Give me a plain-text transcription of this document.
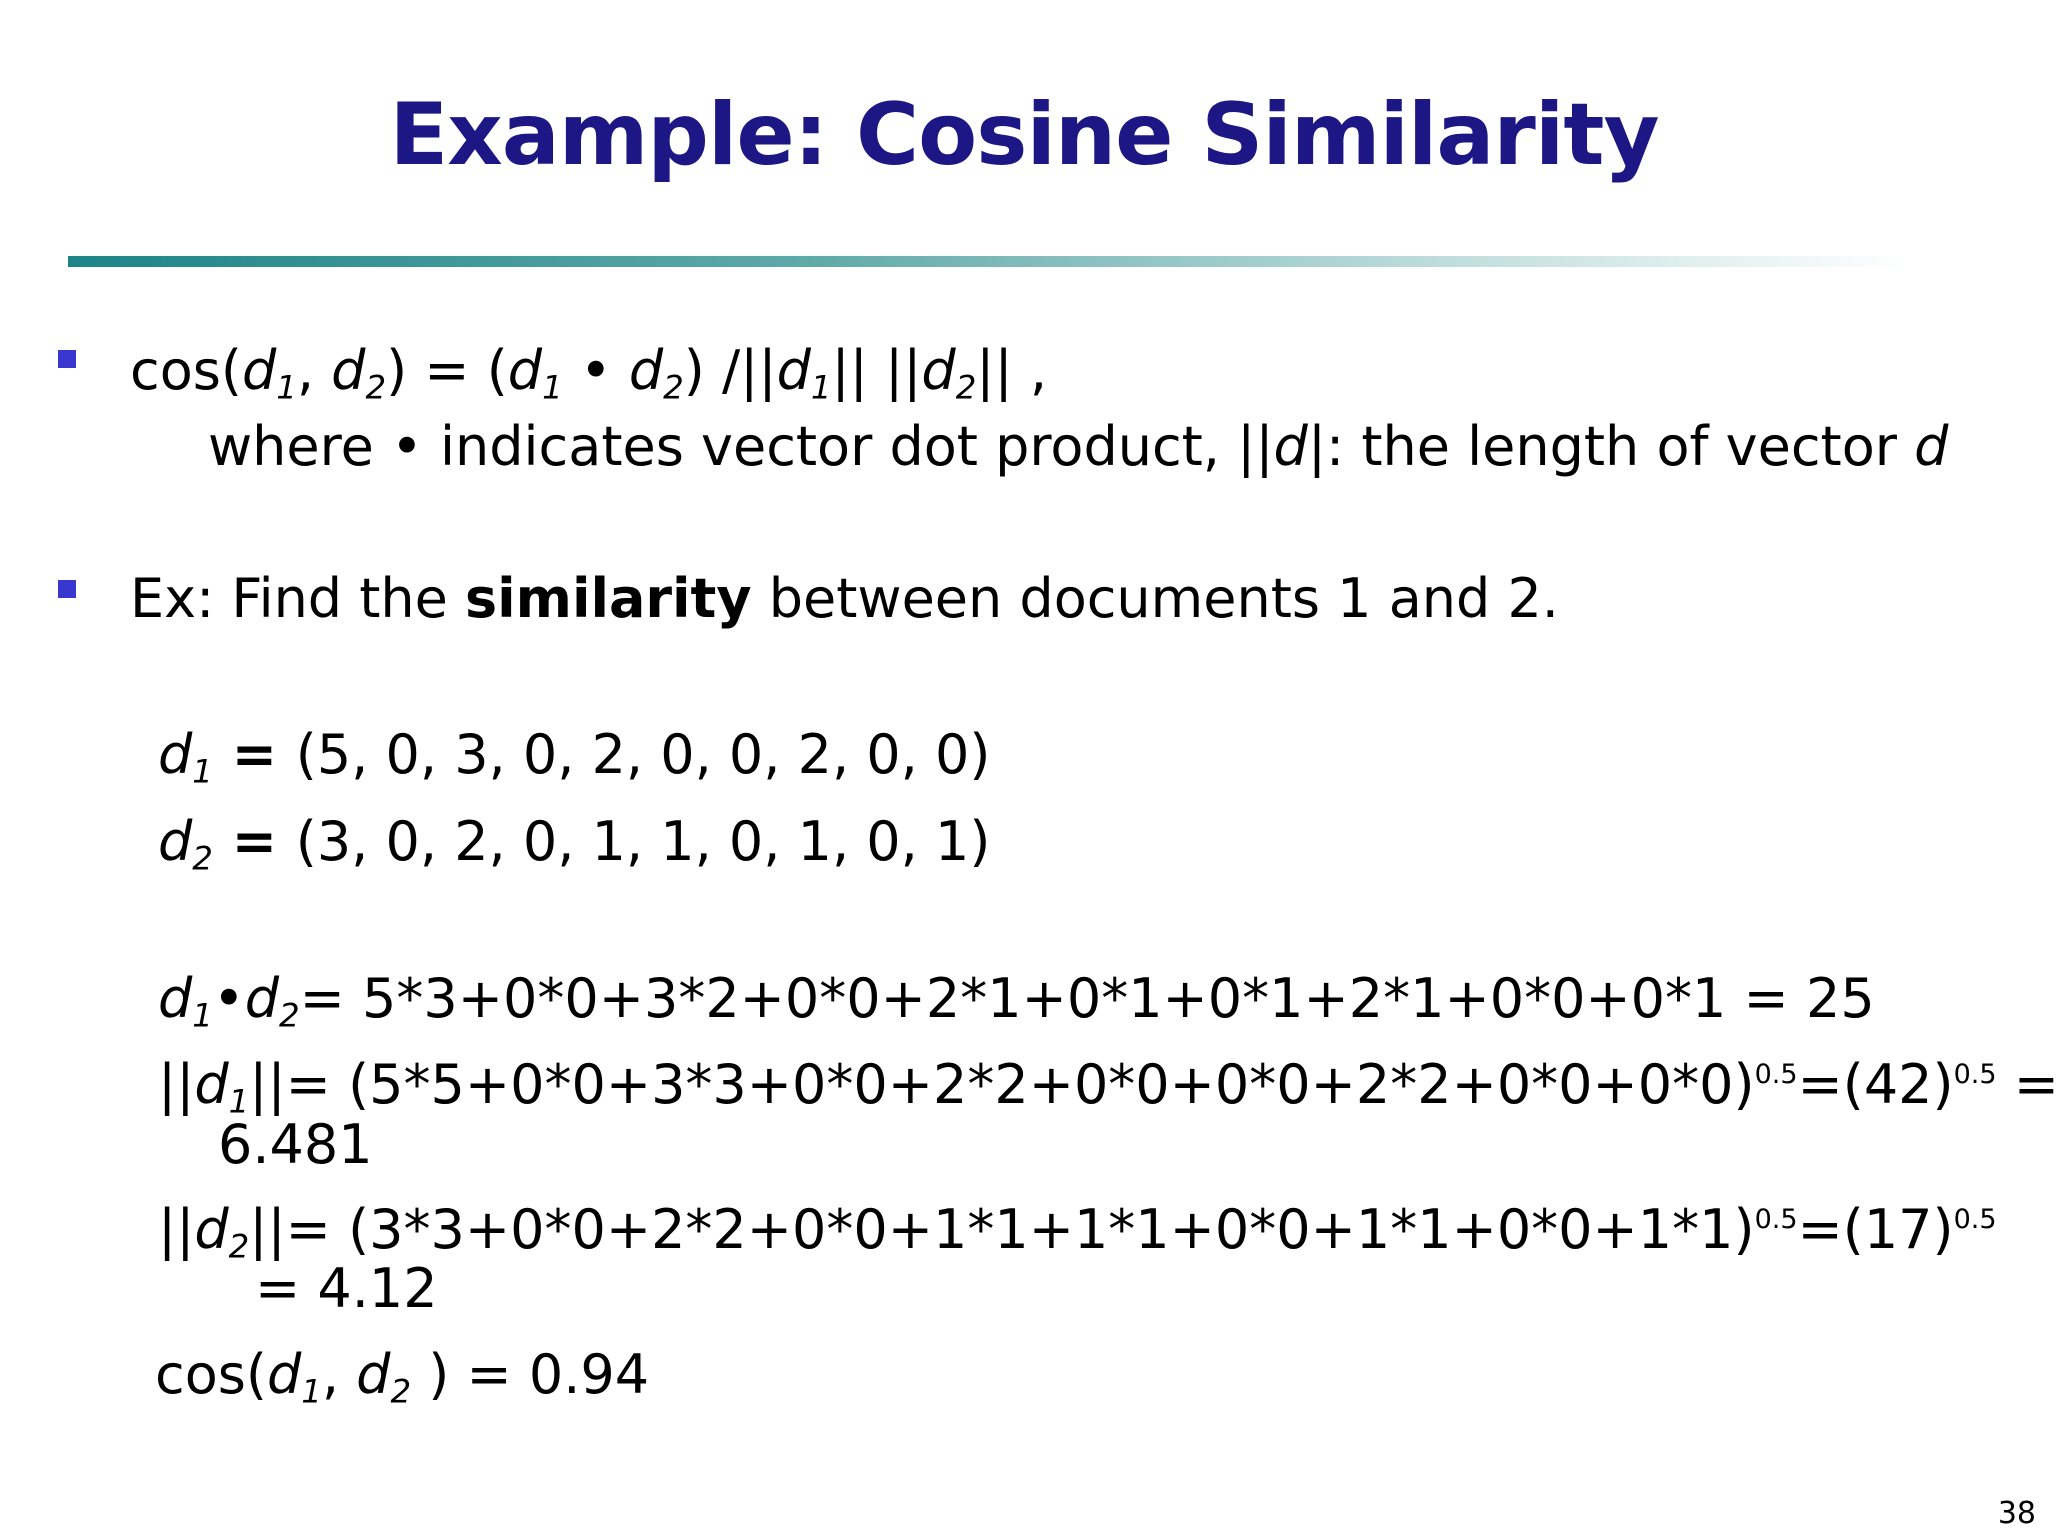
Example: Cosine Similarity
$\cos(d_1$, $d_2) = (d_1$ • $d_2$) $/||d_1||$ $||d_2||$ ,
where • indicates vector dot product, ||d|: the length of vector d
Ex: Find the similarity between documents 1 and 2.
$d_1 = (5$, 0, 3, 0, 2, 0, 0, 2, 0, 0)
$d_2 = (3$, 0, 2, 0, 1, 1, 0, 1, 0, 1)
$d_1•d_2= 5*3+0*0+3*2+0*0+2*1+0*1+0*1+2*1+0*0+0*1 = 25$
$||d_1||= (5*5+0*0+3*3+0*0+2*2+0*0+0*0+2*2+0*0+0*0)^{0.5}=(42)^{0.5}$ =
6.481
$||d_2||= (3*3+0*0+2*2+0*0+1*1+1*1+0*0+1*1+0*0+1*1)^{0.5}=(17)^{0.5}$
= 4.12
$\cos(d_1$, $d_2$ ) = 0.94
38
